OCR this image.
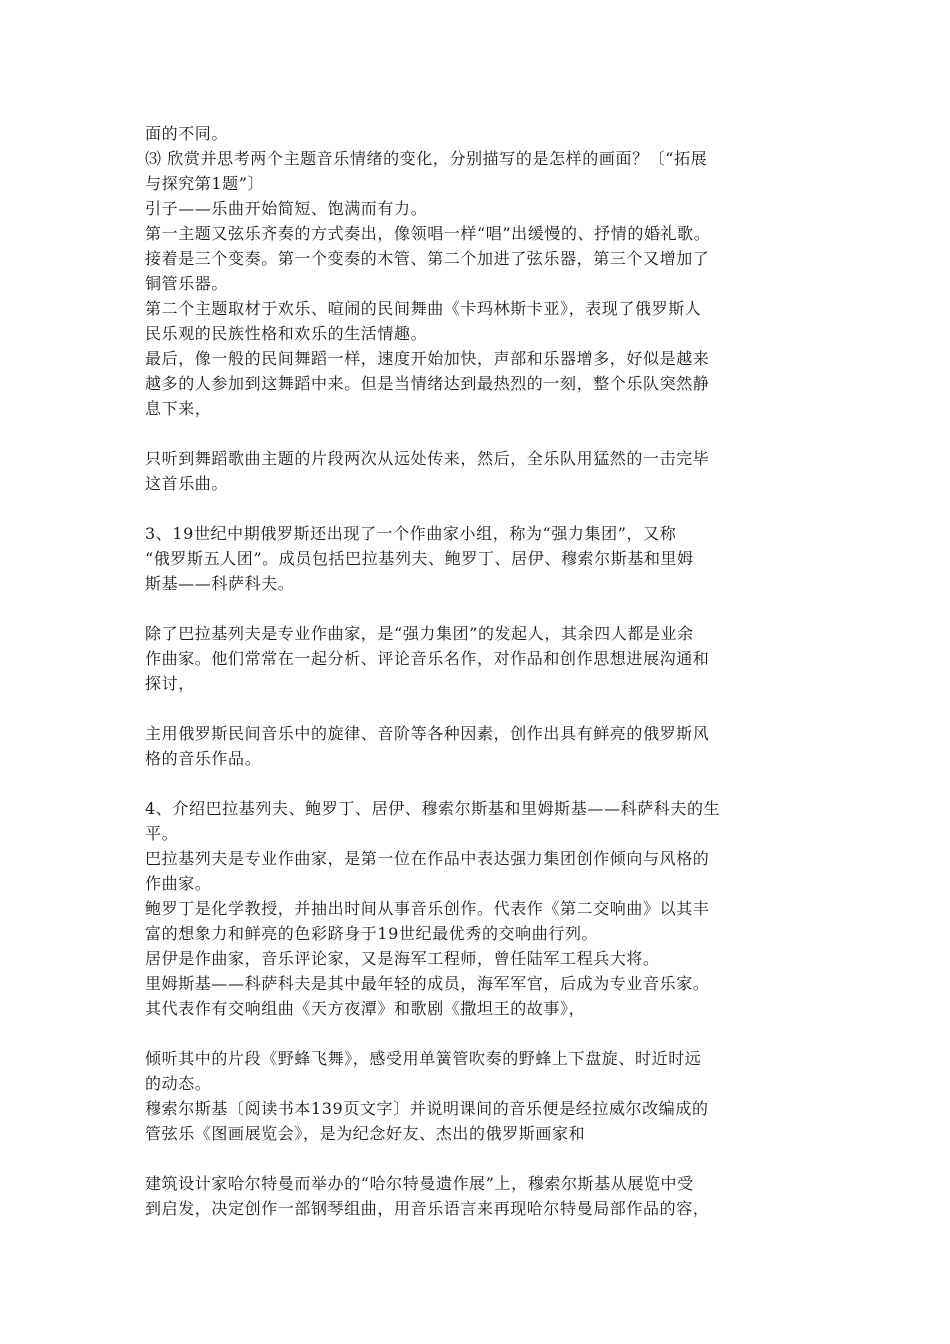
面的不同。
⑶ 欣赏并思考两个主题音乐情绪的变化，分别描写的是怎样的画面？〔“拓展
与探究第1题”〕
引子——乐曲开始简短、饱满而有力。
第一主题又弦乐齐奏的方式奏出，像领唱一样“唱”出缓慢的、抒情的婚礼歌。
接着是三个变奏。第一个变奏的木管、第二个加进了弦乐器，第三个又增加了
铜管乐器。
第二个主题取材于欢乐、喧闹的民间舞曲《卡玛林斯卡亚》，表现了俄罗斯人
民乐观的民族性格和欢乐的生活情趣。
最后，像一般的民间舞蹈一样，速度开始加快，声部和乐器增多，好似是越来
越多的人参加到这舞蹈中来。但是当情绪达到最热烈的一刻，整个乐队突然静
息下来，
只听到舞蹈歌曲主题的片段两次从远处传来，然后，全乐队用猛然的一击完毕
这首乐曲。
3、19世纪中期俄罗斯还出现了一个作曲家小组，称为“强力集团”，又称
“俄罗斯五人团”。成员包括巴拉基列夫、鲍罗丁、居伊、穆索尔斯基和里姆
斯基——科萨科夫。
除了巴拉基列夫是专业作曲家，是“强力集团”的发起人，其余四人都是业余
作曲家。他们常常在一起分析、评论音乐名作，对作品和创作思想进展沟通和
探讨，
主用俄罗斯民间音乐中的旋律、音阶等各种因素，创作出具有鲜亮的俄罗斯风
格的音乐作品。
4、介绍巴拉基列夫、鲍罗丁、居伊、穆索尔斯基和里姆斯基——科萨科夫的生
平。
巴拉基列夫是专业作曲家，是第一位在作品中表达强力集团创作倾向与风格的
作曲家。
鲍罗丁是化学教授，并抽出时间从事音乐创作。代表作《第二交响曲》以其丰
富的想象力和鲜亮的色彩跻身于19世纪最优秀的交响曲行列。
居伊是作曲家，音乐评论家，又是海军工程师，曾任陆军工程兵大将。
里姆斯基——科萨科夫是其中最年轻的成员，海军军官，后成为专业音乐家。
其代表作有交响组曲《天方夜潭》和歌剧《撒坦王的故事》，
倾听其中的片段《野蜂飞舞》，感受用单簧管吹奏的野蜂上下盘旋、时近时远
的动态。
穆索尔斯基〔阅读书本139页文字〕并说明课间的音乐便是经拉威尔改编成的
管弦乐《图画展览会》，是为纪念好友、杰出的俄罗斯画家和
建筑设计家哈尔特曼而举办的“哈尔特曼遗作展”上，穆索尔斯基从展览中受
到启发，决定创作一部钢琴组曲，用音乐语言来再现哈尔特曼局部作品的容，
